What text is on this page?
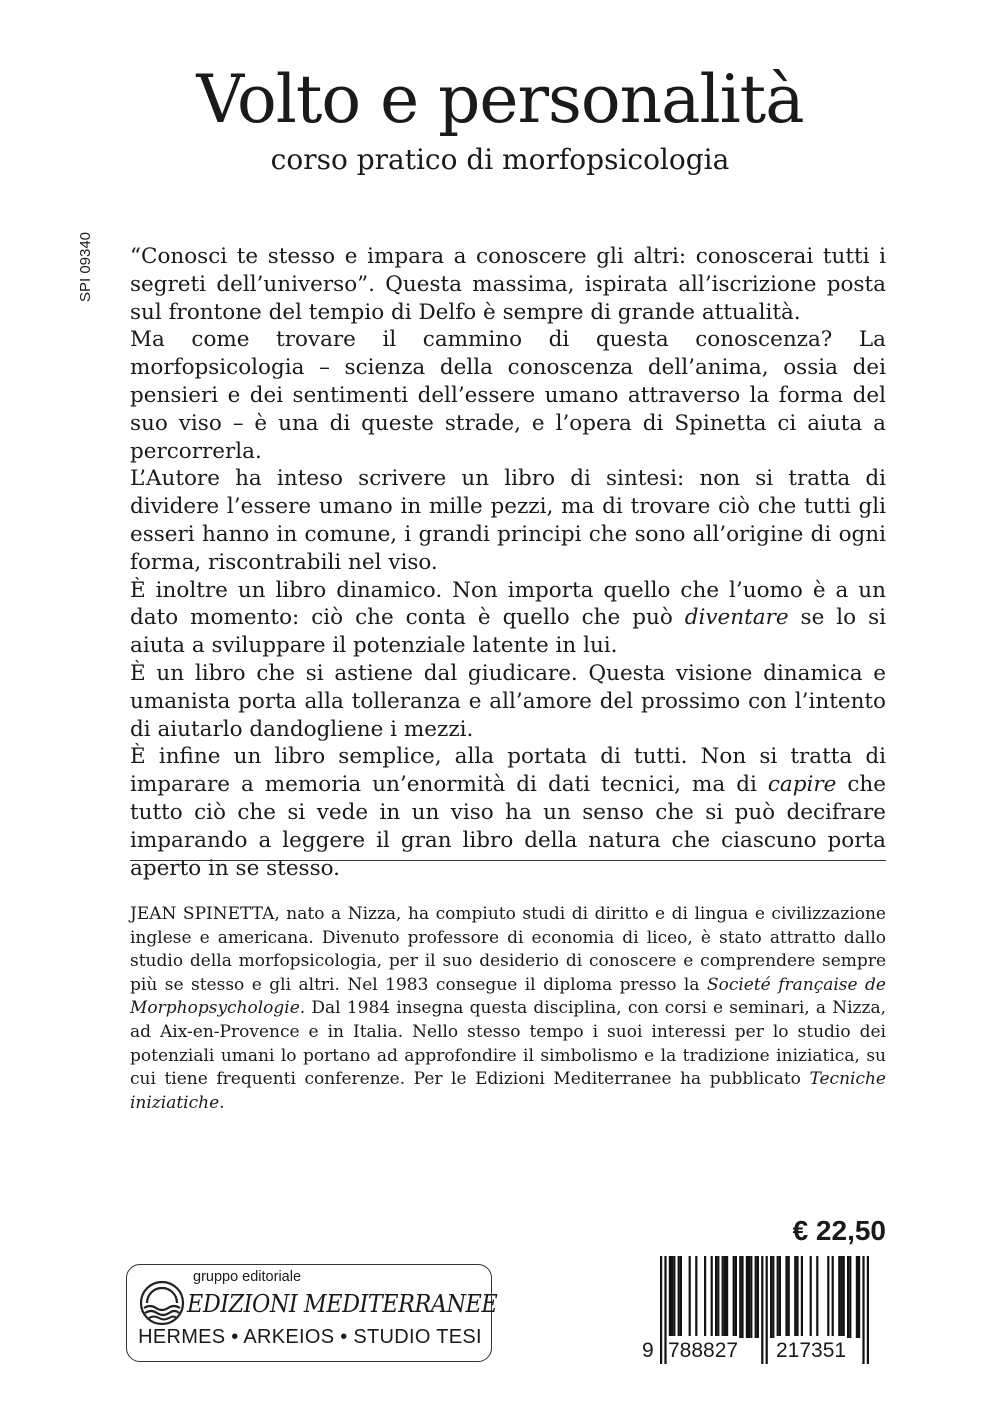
Volto e personalità
corso pratico di morfopsicologia
SPI 09340 “Conosci te stesso e impara a conoscere gli altri: conoscerai tutti i segreti dell’universo”. Questa massima, ispirata all’iscrizione posta sul frontone del tempio di Delfo è sempre di grande attualità.

Ma come trovare il cammino di questa conoscenza? La morfopsicologia – scienza della conoscenza dell’anima, ossia dei pensieri e dei sentimenti dell’essere umano attraverso la forma del suo viso – è una di queste strade, e l’opera di Spinetta ci aiuta a percorrerla.

L’Autore ha inteso scrivere un libro di sintesi: non si tratta di dividere l’essere umano in mille pezzi, ma di trovare ciò che tutti gli esseri hanno in comune, i grandi principi che sono all’origine di ogni forma, riscontrabili nel viso.

È inoltre un libro dinamico. Non importa quello che l’uomo è a un dato momento: ciò che conta è quello che può diventare se lo si aiuta a sviluppare il potenziale latente in lui.

È un libro che si astiene dal giudicare. Questa visione dinamica e umanista porta alla tolleranza e all’amore del prossimo con l’intento di aiutarlo dandogliene i mezzi.

È infine un libro semplice, alla portata di tutti. Non si tratta di imparare a memoria un’enormità di dati tecnici, ma di capire che tutto ciò che si vede in un viso ha un senso che si può decifrare imparando a leggere il gran libro della natura che ciascuno porta aperto in se stesso.

JEAN SPINETTA, nato a Nizza, ha compiuto studi di diritto e di lingua e civilizzazione inglese e americana. Divenuto professore di economia di liceo, è stato attratto dallo studio della morfopsicologia, per il suo desiderio di conoscere e comprendere sempre più se stesso e gli altri. Nel 1983 consegue il diploma presso la Societé française de Morphopsychologie. Dal 1984 insegna questa disciplina, con corsi e seminari, a Nizza, ad Aix-en-Provence e in Italia. Nello stesso tempo i suoi interessi per lo studio dei potenziali umani lo portano ad approfondire il simbolismo e la tradizione iniziatica, su cui tiene frequenti conferenze. Per le Edizioni Mediterranee ha pubblicato Tecniche iniziatiche.

€ 22,50
9 788827 217351
gruppo editoriale
EDIZIONI MEDITERRANEE
HERMES • ARKEIOS • STUDIO TESI
